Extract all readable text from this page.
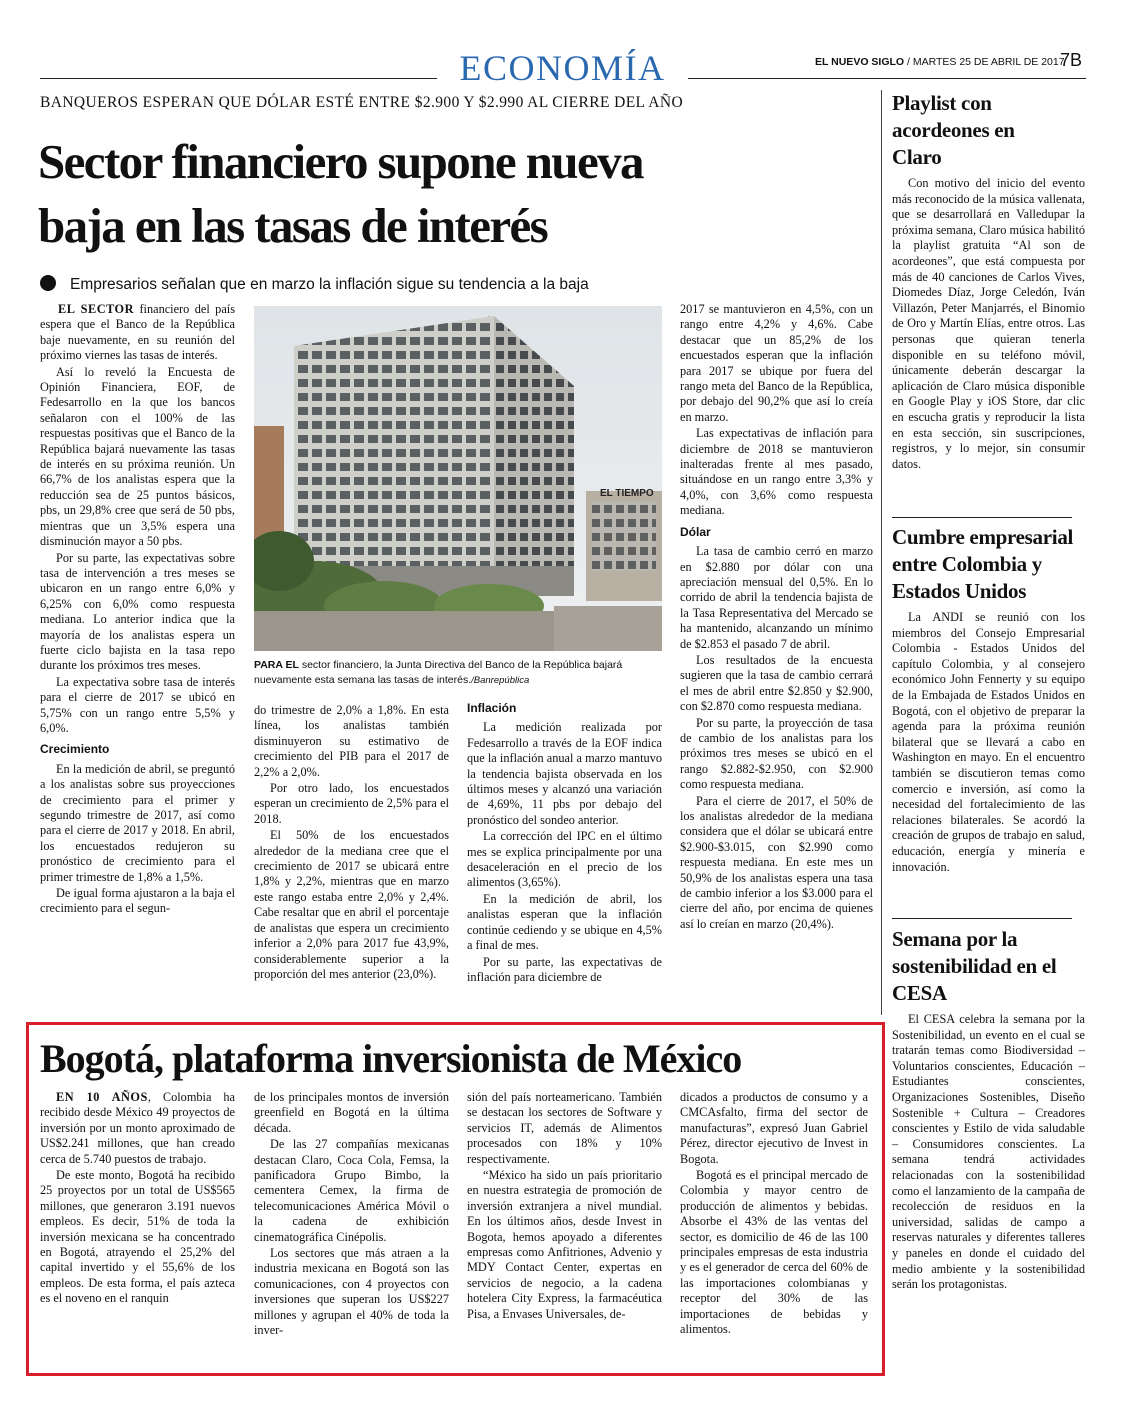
ECONOMÍA	EL NUEVO SIGLO / MARTES 25 DE ABRIL DE 2017
7B
BANQUEROS ESPERAN QUE DÓLAR ESTÉ ENTRE $2.900 Y $2.990 AL CIERRE DEL AÑO
Sector financiero supone nueva
baja en las tasas de interés
Empresarios señalan que en marzo la inflación sigue su tendencia a la baja

EL SECTOR financiero del país espera que el Banco de la República baje nuevamente, en su reunión del próximo viernes las tasas de interés.

Así lo reveló la Encuesta de Opinión Financiera, EOF, de Fedesarrollo en la que los bancos señalaron con el 100% de las respuestas positivas que el Banco de la República bajará nuevamente las tasas de interés en su próxima reunión. Un 66,7% de los analistas espera que la reducción sea de 25 puntos básicos, pbs, un 29,8% cree que será de 50 pbs, mientras que un 3,5% espera una disminución mayor a 50 pbs.

Por su parte, las expectativas sobre tasa de intervención a tres meses se ubicaron en un rango entre 6,0% y 6,25% con 6,0% como respuesta mediana. Lo anterior indica que la mayoría de los analistas espera un fuerte ciclo bajista en la tasa repo durante los próximos tres meses.

La expectativa sobre tasa de interés para el cierre de 2017 se ubicó en 5,75% con un rango entre 5,5% y 6,0%.

Crecimiento

En la medición de abril, se preguntó a los analistas sobre sus proyecciones de crecimiento para el primer y segundo trimestre de 2017, así como para el cierre de 2017 y 2018. En abril, los encuestados redujeron su pronóstico de crecimiento para el primer trimestre de 1,8% a 1,5%.

De igual forma ajustaron a la baja el crecimiento para el segun-

EL TIEMPO
PARA EL sector financiero, la Junta Directiva del Banco de la República bajará nuevamente esta semana las tasas de interés./Banrepública

do trimestre de 2,0% a 1,8%. En esta línea, los analistas también disminuyeron su estimativo de crecimiento del PIB para el 2017 de 2,2% a 2,0%.

Por otro lado, los encuestados esperan un crecimiento de 2,5% para el 2018.

El 50% de los encuestados alrededor de la mediana cree que el crecimiento de 2017 se ubicará entre 1,8% y 2,2%, mientras que en marzo este rango estaba entre 2,0% y 2,4%. Cabe resaltar que en abril el porcentaje de analistas que espera un crecimiento inferior a 2,0% para 2017 fue 43,9%, considerablemente superior a la proporción del mes anterior (23,0%).

Inflación

La medición realizada por Fedesarrollo a través de la EOF indica que la inflación anual a marzo mantuvo la tendencia bajista observada en los últimos meses y alcanzó una variación de 4,69%, 11 pbs por debajo del pronóstico del sondeo anterior.

La corrección del IPC en el último mes se explica principalmente por una desaceleración en el precio de los alimentos (3,65%).

En la medición de abril, los analistas esperan que la inflación continúe cediendo y se ubique en 4,5% a final de mes.

Por su parte, las expectativas de inflación para diciembre de

2017 se mantuvieron en 4,5%, con un rango entre 4,2% y 4,6%. Cabe destacar que un 85,2% de los encuestados esperan que la inflación para 2017 se ubique por fuera del rango meta del Banco de la República, por debajo del 90,2% que así lo creía en marzo.

Las expectativas de inflación para diciembre de 2018 se mantuvieron inalteradas frente al mes pasado, situándose en un rango entre 3,3% y 4,0%, con 3,6% como respuesta mediana.

Dólar

La tasa de cambio cerró en marzo en $2.880 por dólar con una apreciación mensual del 0,5%. En lo corrido de abril la tendencia bajista de la Tasa Representativa del Mercado se ha mantenido, alcanzando un mínimo de $2.853 el pasado 7 de abril.

Los resultados de la encuesta sugieren que la tasa de cambio cerrará el mes de abril entre $2.850 y $2.900, con $2.870 como respuesta mediana.

Por su parte, la proyección de tasa de cambio de los analistas para los próximos tres meses se ubicó en el rango $2.882-$2.950, con $2.900 como respuesta mediana.

Para el cierre de 2017, el 50% de los analistas alrededor de la mediana considera que el dólar se ubicará entre $2.900-$3.015, con $2.990 como respuesta mediana. En este mes un 50,9% de los analistas espera una tasa de cambio inferior a los $3.000 para el cierre del año, por encima de quienes así lo creían en marzo (20,4%).

Bogotá, plataforma inversionista de México

EN 10 AÑOS, Colombia ha recibido desde México 49 proyectos de inversión por un monto aproximado de US$2.241 millones, que han creado cerca de 5.740 puestos de trabajo.

De este monto, Bogotá ha recibido 25 proyectos por un total de US$565 millones, que generaron 3.191 nuevos empleos. Es decir, 51% de toda la inversión mexicana se ha concentrado en Bogotá, atrayendo el 25,2% del capital invertido y el 55,6% de los empleos. De esta forma, el país azteca es el noveno en el ranquin

de los principales montos de inversión greenfield en Bogotá en la última década.

De las 27 compañías mexicanas destacan Claro, Coca Cola, Femsa, la panificadora Grupo Bimbo, la cementera Cemex, la firma de telecomunicaciones América Móvil o la cadena de exhibición cinematográfica Cinépolis.

Los sectores que más atraen a la industria mexicana en Bogotá son las comunicaciones, con 4 proyectos con inversiones que superan los US$227 millones y agrupan el 40% de toda la inver-

sión del país norteamericano. También se destacan los sectores de Software y servicios IT, además de Alimentos procesados con 18% y 10% respectivamente.

“México ha sido un país prioritario en nuestra estrategia de promoción de inversión extranjera a nivel mundial. En los últimos años, desde Invest in Bogota, hemos apoyado a diferentes empresas como Anfitriones, Advenio y MDY Contact Center, expertas en servicios de negocio, a la cadena hotelera City Express, la farmacéutica Pisa, a Envases Universales, de-

dicados a productos de consumo y a CMCAsfalto, firma del sector de manufacturas”, expresó Juan Gabriel Pérez, director ejecutivo de Invest in Bogota.

Bogotá es el principal mercado de Colombia y mayor centro de producción de alimentos y bebidas. Absorbe el 43% de las ventas del sector, es domicilio de 46 de las 100 principales empresas de esta industria y es el generador de cerca del 60% de las importaciones colombianas y receptor del 30% de las importaciones de bebidas y alimentos.

Playlist con acordeones en Claro

Con motivo del inicio del evento más reconocido de la música vallenata, que se desarrollará en Valledupar la próxima semana, Claro música habilitó la playlist gratuita “Al son de acordeones”, que está compuesta por más de 40 canciones de Carlos Vives, Diomedes Díaz, Jorge Celedón, Iván Villazón, Peter Manjarrés, el Binomio de Oro y Martín Elías, entre otros. Las personas que quieran tenerla disponible en su teléfono móvil, únicamente deberán descargar la aplicación de Claro música disponible en Google Play y iOS Store, dar clic en escucha gratis y reproducir la lista en esta sección, sin suscripciones, registros, y lo mejor, sin consumir datos.

Cumbre empresarial entre Colombia y Estados Unidos

La ANDI se reunió con los miembros del Consejo Empresarial Colombia - Estados Unidos del capítulo Colombia, y al consejero económico John Fennerty y su equipo de la Embajada de Estados Unidos en Bogotá, con el objetivo de preparar la agenda para la próxima reunión bilateral que se llevará a cabo en Washington en mayo. En el encuentro también se discutieron temas como comercio e inversión, así como la necesidad del fortalecimiento de las relaciones bilaterales. Se acordó la creación de grupos de trabajo en salud, educación, energía y minería e innovación.

Semana por la sostenibilidad en el CESA

El CESA celebra la semana por la Sostenibilidad, un evento en el cual se tratarán temas como Biodiversidad – Voluntarios conscientes, Educación – Estudiantes conscientes, Organizaciones Sostenibles, Diseño Sostenible + Cultura – Creadores conscientes y Estilo de vida saludable – Consumidores conscientes. La semana tendrá actividades relacionadas con la sostenibilidad como el lanzamiento de la campaña de recolección de residuos en la universidad, salidas de campo a reservas naturales y diferentes talleres y paneles en donde el cuidado del medio ambiente y la sostenibilidad serán los protagonistas.
